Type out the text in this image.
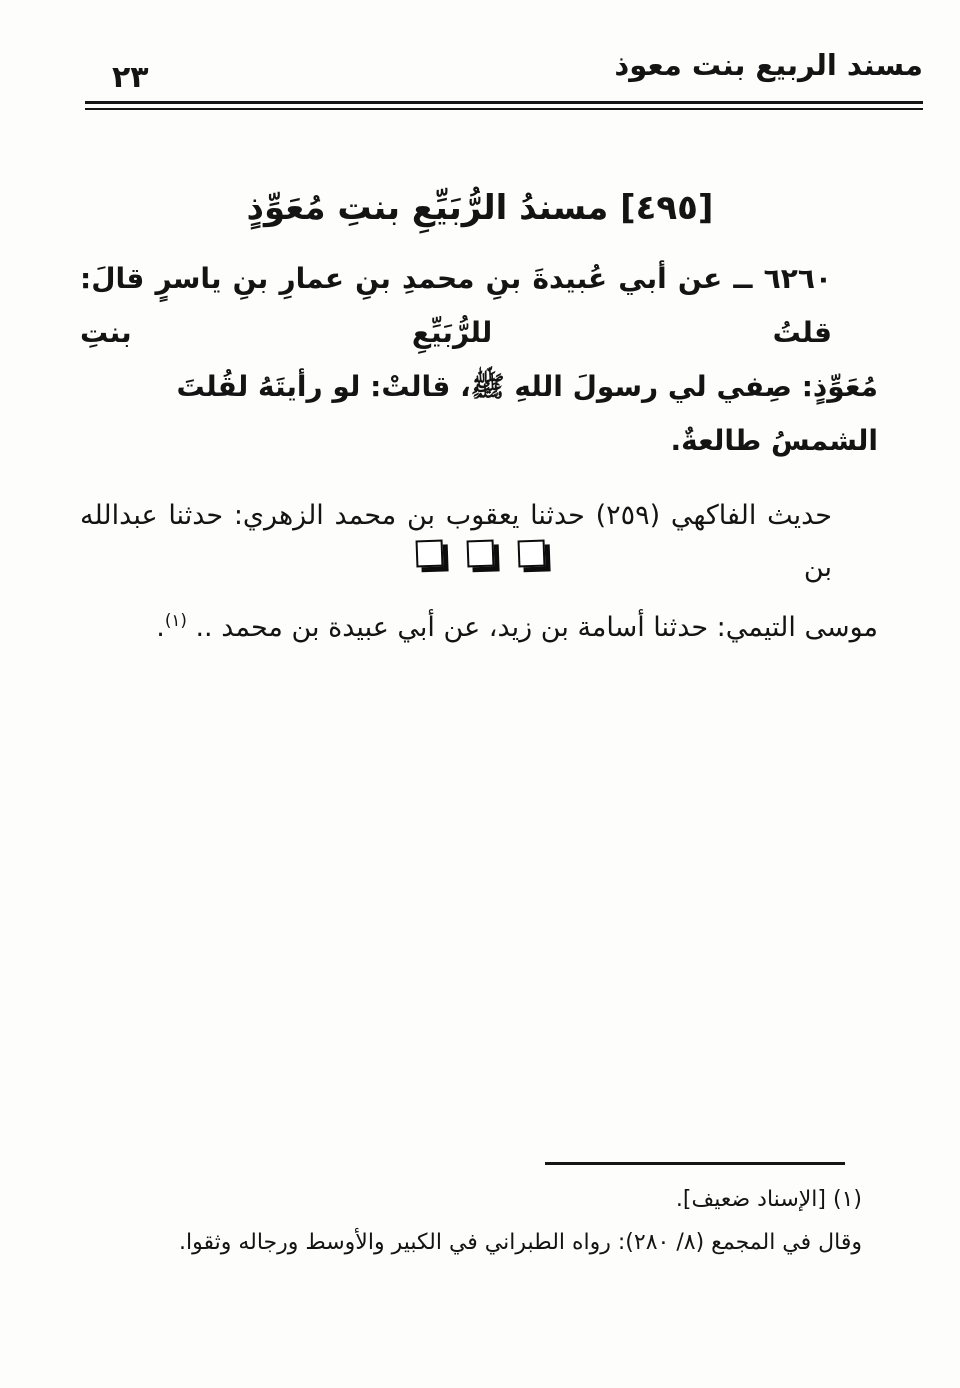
٢٣	مسند الربيع بنت معوذ
[٤٩٥] مسندُ الرُّبَيِّعِ بنتِ مُعَوِّذٍ

٦٢٦٠ ــ عن أبي عُبيدةَ بنِ محمدِ بنِ عمارِ بنِ ياسرٍ قالَ: قلتُ للرُّبَيِّعِ بنتِ
مُعَوِّذٍ: صِفي لي رسولَ اللهِ ﷺ، قالتْ: لو رأيتَهُ لقُلتَ الشمسُ طالعةٌ.

حديث الفاكهي (٢٥٩) حدثنا يعقوب بن محمد الزهري: حدثنا عبدالله بن
موسى التيمي: حدثنا أسامة بن زيد، عن أبي عبيدة بن محمد .. $^{(١)}$.

(١) [الإسناد ضعيف].
وقال في المجمع (٨/ ٢٨٠): رواه الطبراني في الكبير والأوسط ورجاله وثقوا.
